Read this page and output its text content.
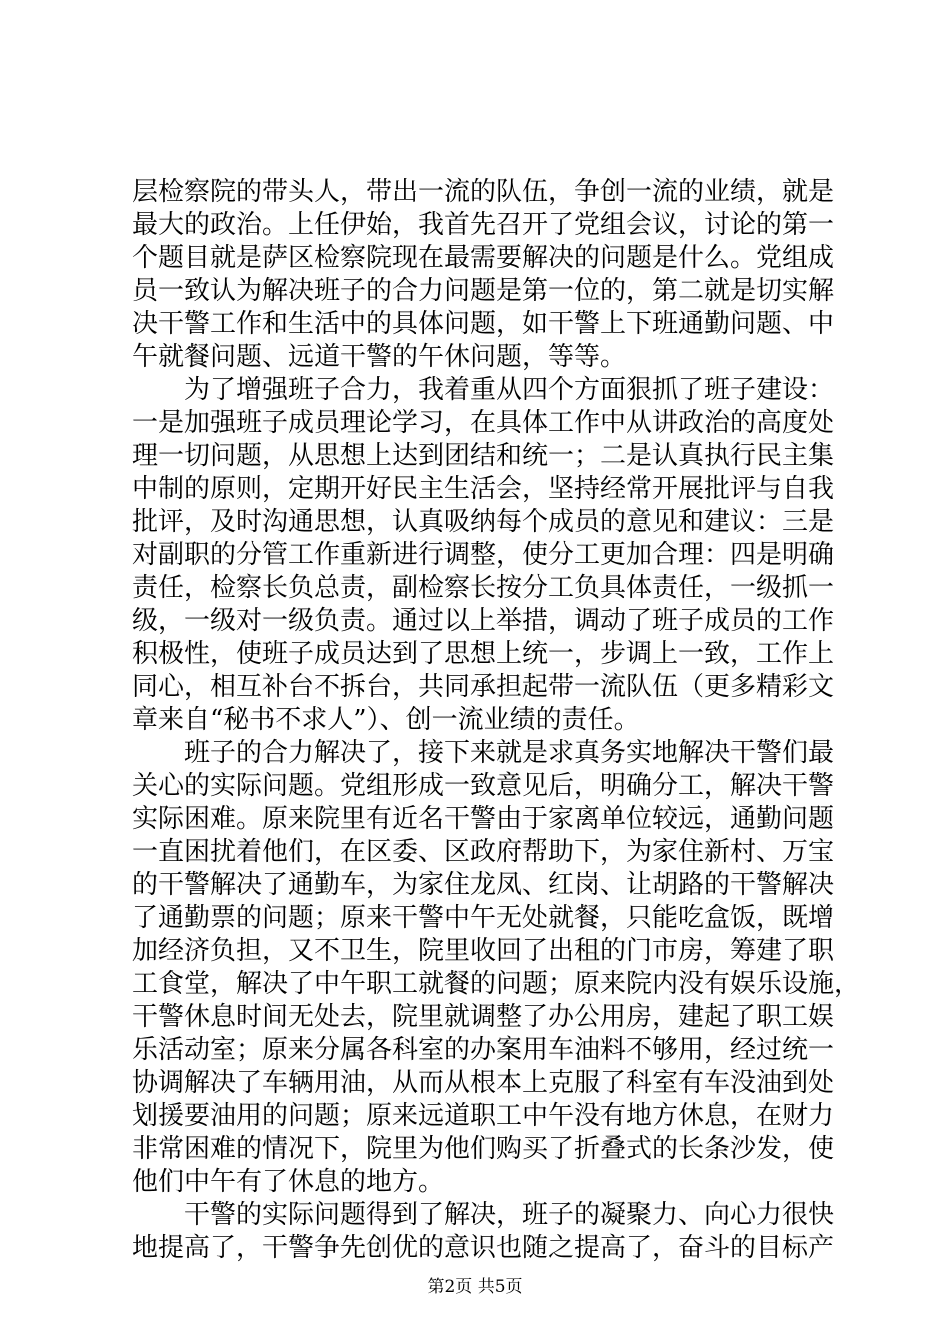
层检察院的带头人，带出一流的队伍，争创一流的业绩，就是
最大的政治。上任伊始，我首先召开了党组会议，讨论的第一
个题目就是萨区检察院现在最需要解决的问题是什么。党组成
员一致认为解决班子的合力问题是第一位的，第二就是切实解
决干警工作和生活中的具体问题，如干警上下班通勤问题、中
午就餐问题、远道干警的午休问题，等等。
为了增强班子合力，我着重从四个方面狠抓了班子建设：
一是加强班子成员理论学习，在具体工作中从讲政治的高度处
理一切问题，从思想上达到团结和统一；二是认真执行民主集
中制的原则，定期开好民主生活会，坚持经常开展批评与自我
批评，及时沟通思想，认真吸纳每个成员的意见和建议：三是
对副职的分管工作重新进行调整，使分工更加合理：四是明确
责任，检察长负总责，副检察长按分工负具体责任，一级抓一
级，一级对一级负责。通过以上举措，调动了班子成员的工作
积极性，使班子成员达到了思想上统一，步调上一致，工作上
同心，相互补台不拆台，共同承担起带一流队伍（更多精彩文
章来自“秘书不求人”）、创一流业绩的责任。
班子的合力解决了，接下来就是求真务实地解决干警们最
关心的实际问题。党组形成一致意见后，明确分工，解决干警
实际困难。原来院里有近名干警由于家离单位较远，通勤问题
一直困扰着他们，在区委、区政府帮助下，为家住新村、万宝
的干警解决了通勤车，为家住龙凤、红岗、让胡路的干警解决
了通勤票的问题；原来干警中午无处就餐，只能吃盒饭，既增
加经济负担，又不卫生，院里收回了出租的门市房，筹建了职
工食堂，解决了中午职工就餐的问题；原来院内没有娱乐设施，
干警休息时间无处去，院里就调整了办公用房，建起了职工娱
乐活动室；原来分属各科室的办案用车油料不够用，经过统一
协调解决了车辆用油，从而从根本上克服了科室有车没油到处
划援要油用的问题；原来远道职工中午没有地方休息，在财力
非常困难的情况下，院里为他们购买了折叠式的长条沙发，使
他们中午有了休息的地方。
干警的实际问题得到了解决，班子的凝聚力、向心力很快
地提高了，干警争先创优的意识也随之提高了，奋斗的目标产
第2页 共5页
